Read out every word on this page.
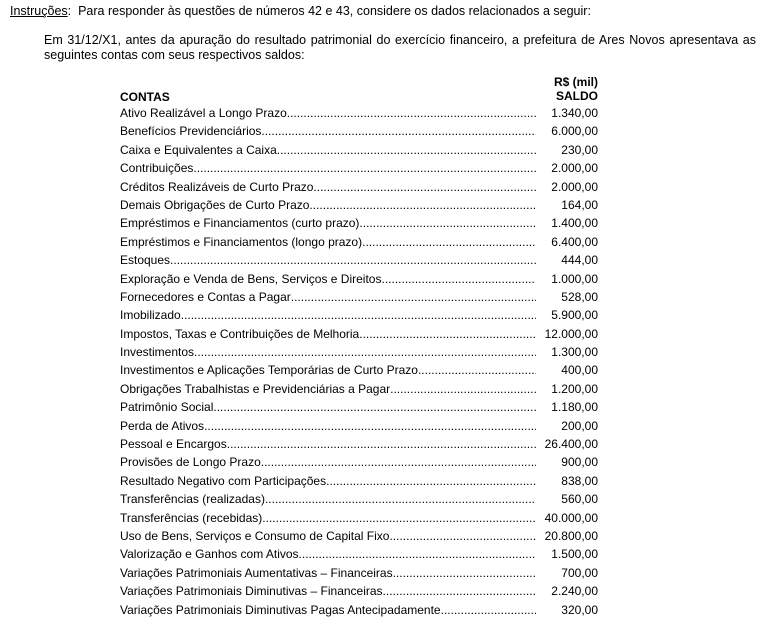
Instruções:  Para responder às questões de números 42 e 43, considere os dados relacionados a seguir:
Em 31/12/X1, antes da apuração do resultado patrimonial do exercício financeiro, a prefeitura de Ares Novos apresentava as seguintes contas com seus respectivos saldos:
R$ (mil)
CONTAS	SALDO
Ativo Realizável a Longo Prazo .....	1.340,00
Benefícios Previdenciários .....	6.000,00
Caixa e Equivalentes a Caixa .....	230,00
Contribuições .....	2.000,00
Créditos Realizáveis de Curto Prazo .....	2.000,00
Demais Obrigações de Curto Prazo .....	164,00
Empréstimos e Financiamentos (curto prazo) .....	1.400,00
Empréstimos e Financiamentos (longo prazo) .....	6.400,00
Estoques .....	444,00
Exploração e Venda de Bens, Serviços e Direitos .....	1.000,00
Fornecedores e Contas a Pagar .....	528,00
Imobilizado .....	5.900,00
Impostos, Taxas e Contribuições de Melhoria .....	12.000,00
Investimentos .....	1.300,00
Investimentos e Aplicações Temporárias de Curto Prazo .....	400,00
Obrigações Trabalhistas e Previdenciárias a Pagar .....	1.200,00
Patrimônio Social .....	1.180,00
Perda de Ativos .....	200,00
Pessoal e Encargos .....	26.400,00
Provisões de Longo Prazo .....	900,00
Resultado Negativo com Participações .....	838,00
Transferências (realizadas) .....	560,00
Transferências (recebidas) .....	40.000,00
Uso de Bens, Serviços e Consumo de Capital Fixo .....	20.800,00
Valorização e Ganhos com Ativos .....	1.500,00
Variações Patrimoniais Aumentativas – Financeiras .....	700,00
Variações Patrimoniais Diminutivas – Financeiras .....	2.240,00
Variações Patrimoniais Diminutivas Pagas Antecipadamente .....	320,00
